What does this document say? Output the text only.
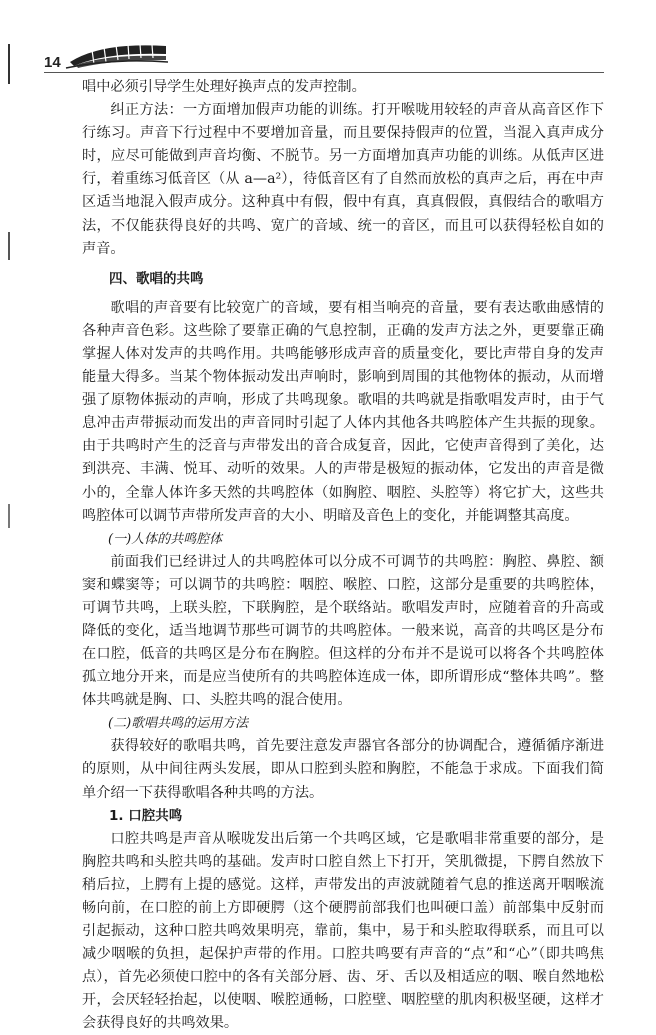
14

唱中必须引导学生处理好换声点的发声控制。

纠正方法：一方面增加假声功能的训练。打开喉咙用较轻的声音从高音区作下行练习。声音下行过程中不要增加音量，而且要保持假声的位置，当混入真声成分时，应尽可能做到声音均衡、不脱节。另一方面增加真声功能的训练。从低声区进行，着重练习低音区（从 a—a²），待低音区有了自然而放松的真声之后，再在中声区适当地混入假声成分。这种真中有假，假中有真，真真假假，真假结合的歌唱方法，不仅能获得良好的共鸣、宽广的音域、统一的音区，而且可以获得轻松自如的声音。

四、歌唱的共鸣

歌唱的声音要有比较宽广的音域，要有相当响亮的音量，要有表达歌曲感情的各种声音色彩。这些除了要靠正确的气息控制，正确的发声方法之外，更要靠正确掌握人体对发声的共鸣作用。共鸣能够形成声音的质量变化，要比声带自身的发声能量大得多。当某个物体振动发出声响时，影响到周围的其他物体的振动，从而增强了原物体振动的声响，形成了共鸣现象。歌唱的共鸣就是指歌唱发声时，由于气息冲击声带振动而发出的声音同时引起了人体内其他各共鸣腔体产生共振的现象。由于共鸣时产生的泛音与声带发出的音合成复音，因此，它使声音得到了美化，达到洪亮、丰满、悦耳、动听的效果。人的声带是极短的振动体，它发出的声音是微小的，全靠人体许多天然的共鸣腔体（如胸腔、咽腔、头腔等）将它扩大，这些共鸣腔体可以调节声带所发声音的大小、明暗及音色上的变化，并能调整其高度。

(一)人体的共鸣腔体

前面我们已经讲过人的共鸣腔体可以分成不可调节的共鸣腔：胸腔、鼻腔、额窦和蝶窦等；可以调节的共鸣腔：咽腔、喉腔、口腔，这部分是重要的共鸣腔体，可调节共鸣，上联头腔，下联胸腔，是个联络站。歌唱发声时，应随着音的升高或降低的变化，适当地调节那些可调节的共鸣腔体。一般来说，高音的共鸣区是分布在口腔，低音的共鸣区是分布在胸腔。但这样的分布并不是说可以将各个共鸣腔体孤立地分开来，而是应当使所有的共鸣腔体连成一体，即所谓形成“整体共鸣”。整体共鸣就是胸、口、头腔共鸣的混合使用。

(二)歌唱共鸣的运用方法

获得较好的歌唱共鸣，首先要注意发声器官各部分的协调配合，遵循循序渐进的原则，从中间往两头发展，即从口腔到头腔和胸腔，不能急于求成。下面我们简单介绍一下获得歌唱各种共鸣的方法。

1. 口腔共鸣

口腔共鸣是声音从喉咙发出后第一个共鸣区域，它是歌唱非常重要的部分，是胸腔共鸣和头腔共鸣的基础。发声时口腔自然上下打开，笑肌微提，下腭自然放下稍后拉，上腭有上提的感觉。这样，声带发出的声波就随着气息的推送离开咽喉流畅向前，在口腔的前上方即硬腭（这个硬腭前部我们也叫硬口盖）前部集中反射而引起振动，这种口腔共鸣效果明亮，靠前，集中，易于和头腔取得联系，而且可以减少咽喉的负担，起保护声带的作用。口腔共鸣要有声音的“点”和“心”（即共鸣焦点），首先必须使口腔中的各有关部分唇、齿、牙、舌以及相适应的咽、喉自然地松开，会厌轻轻抬起，以使咽、喉腔通畅，口腔壁、咽腔壁的肌肉积极坚硬，这样才会获得良好的共鸣效果。
